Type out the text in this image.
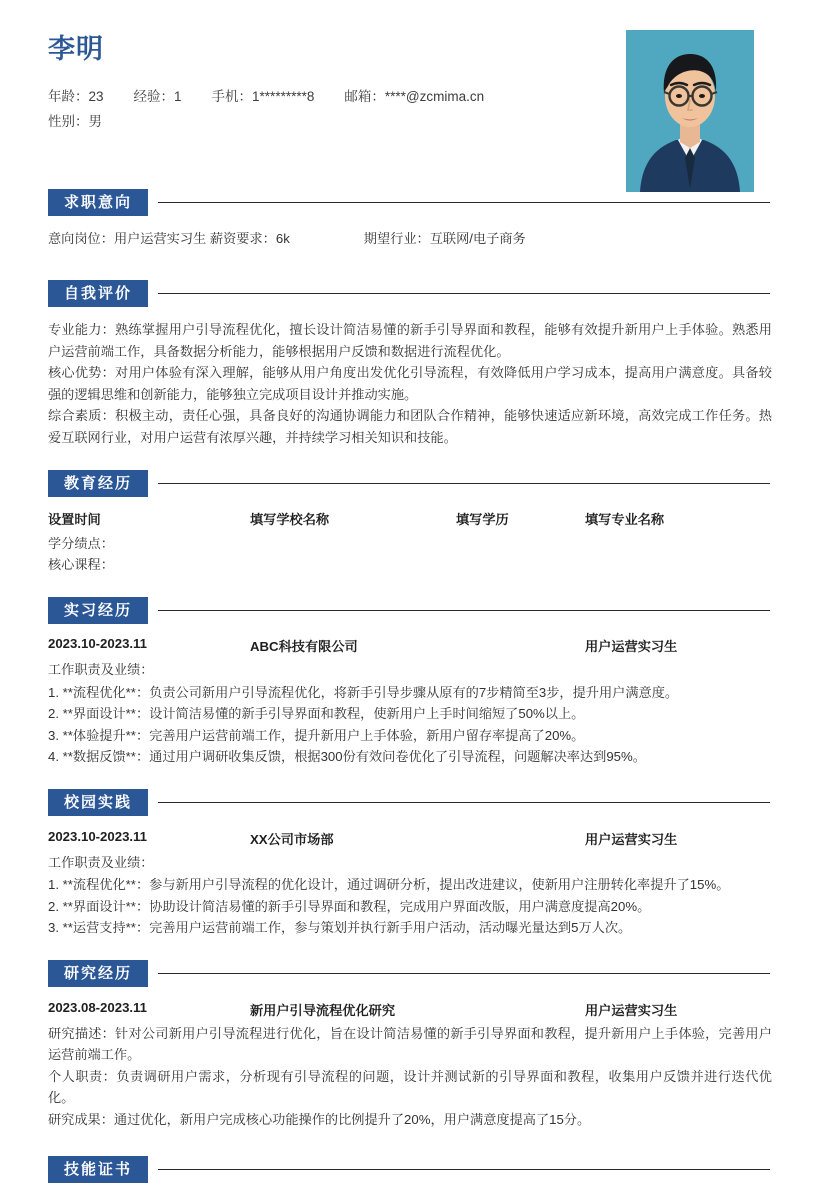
李明
年龄：23 经验：1 手机：1*********8 邮箱：****@zcmima.cn
性别：男
求职意向
意向岗位：用户运营实习生 薪资要求：6k	期望行业：互联网/电子商务
自我评价
专业能力：熟练掌握用户引导流程优化，擅长设计简洁易懂的新手引导界面和教程，能够有效提升新用户上手体验。熟悉用户运营前端工作，具备数据分析能力，能够根据用户反馈和数据进行流程优化。
核心优势：对用户体验有深入理解，能够从用户角度出发优化引导流程，有效降低用户学习成本，提高用户满意度。具备较强的逻辑思维和创新能力，能够独立完成项目设计并推动实施。
综合素质：积极主动，责任心强，具备良好的沟通协调能力和团队合作精神，能够快速适应新环境，高效完成工作任务。热爱互联网行业，对用户运营有浓厚兴趣，并持续学习相关知识和技能。
教育经历
设置时间	填写学校名称	填写学历	填写专业名称
学分绩点：
核心课程：
实习经历
2023.10-2023.11	ABC科技有限公司	用户运营实习生
工作职责及业绩：
1. **流程优化**：负责公司新用户引导流程优化，将新手引导步骤从原有的7步精简至3步，提升用户满意度。
2. **界面设计**：设计简洁易懂的新手引导界面和教程，使新用户上手时间缩短了50%以上。
3. **体验提升**：完善用户运营前端工作，提升新用户上手体验，新用户留存率提高了20%。
4. **数据反馈**：通过用户调研收集反馈，根据300份有效问卷优化了引导流程，问题解决率达到95%。
校园实践
2023.10-2023.11	XX公司市场部	用户运营实习生
工作职责及业绩：
1. **流程优化**：参与新用户引导流程的优化设计，通过调研分析，提出改进建议，使新用户注册转化率提升了15%。
2. **界面设计**：协助设计简洁易懂的新手引导界面和教程，完成用户界面改版，用户满意度提高20%。
3. **运营支持**：完善用户运营前端工作，参与策划并执行新手用户活动，活动曝光量达到5万人次。
研究经历
2023.08-2023.11	新用户引导流程优化研究	用户运营实习生
研究描述：针对公司新用户引导流程进行优化，旨在设计简洁易懂的新手引导界面和教程，提升新用户上手体验，完善用户运营前端工作。
个人职责：负责调研用户需求，分析现有引导流程的问题，设计并测试新的引导界面和教程，收集用户反馈并进行迭代优化。
研究成果：通过优化，新用户完成核心功能操作的比例提升了20%，用户满意度提高了15分。
技能证书
